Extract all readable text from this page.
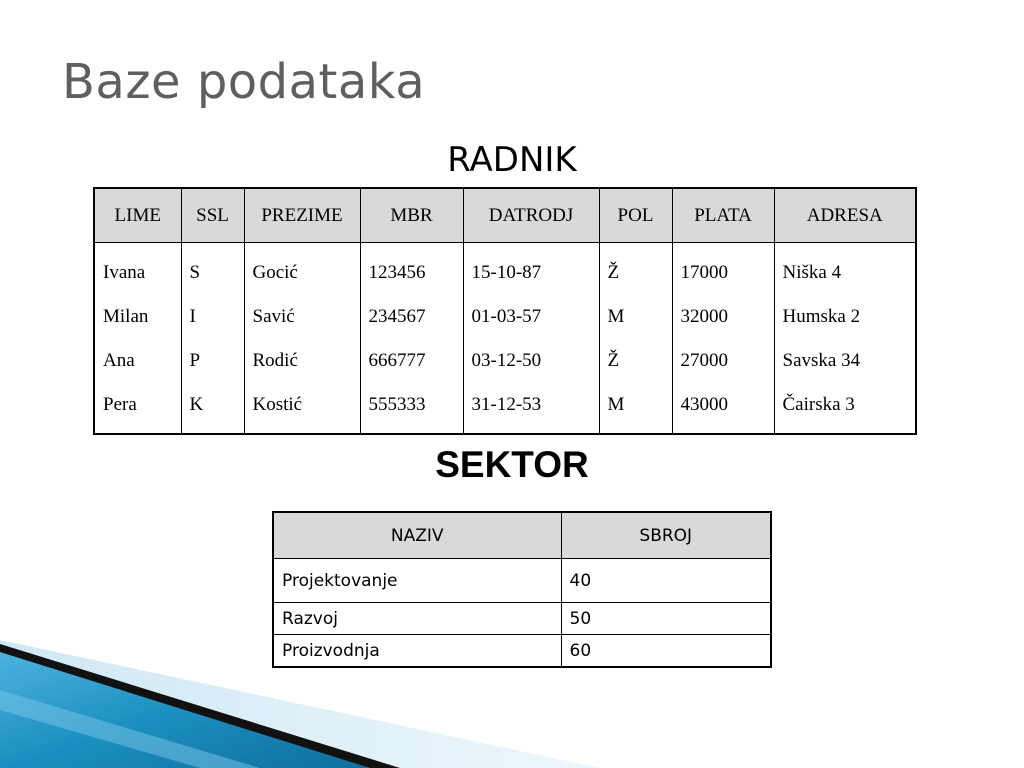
Baze podataka
RADNIK
LIME	SSL	PREZIME	MBR	DATRODJ	POL	PLATA	ADRESA
Ivana	S	Gocić	123456	15-10-87	Ž	17000	Niška 4
Milan	I	Savić	234567	01-03-57	M	32000	Humska 2
Ana	P	Rodić	666777	03-12-50	Ž	27000	Savska 34
Pera	K	Kostić	555333	31-12-53	M	43000	Čairska 3
SEKTOR
NAZIV	SBROJ
Projektovanje	40
Razvoj	50
Proizvodnja	60
